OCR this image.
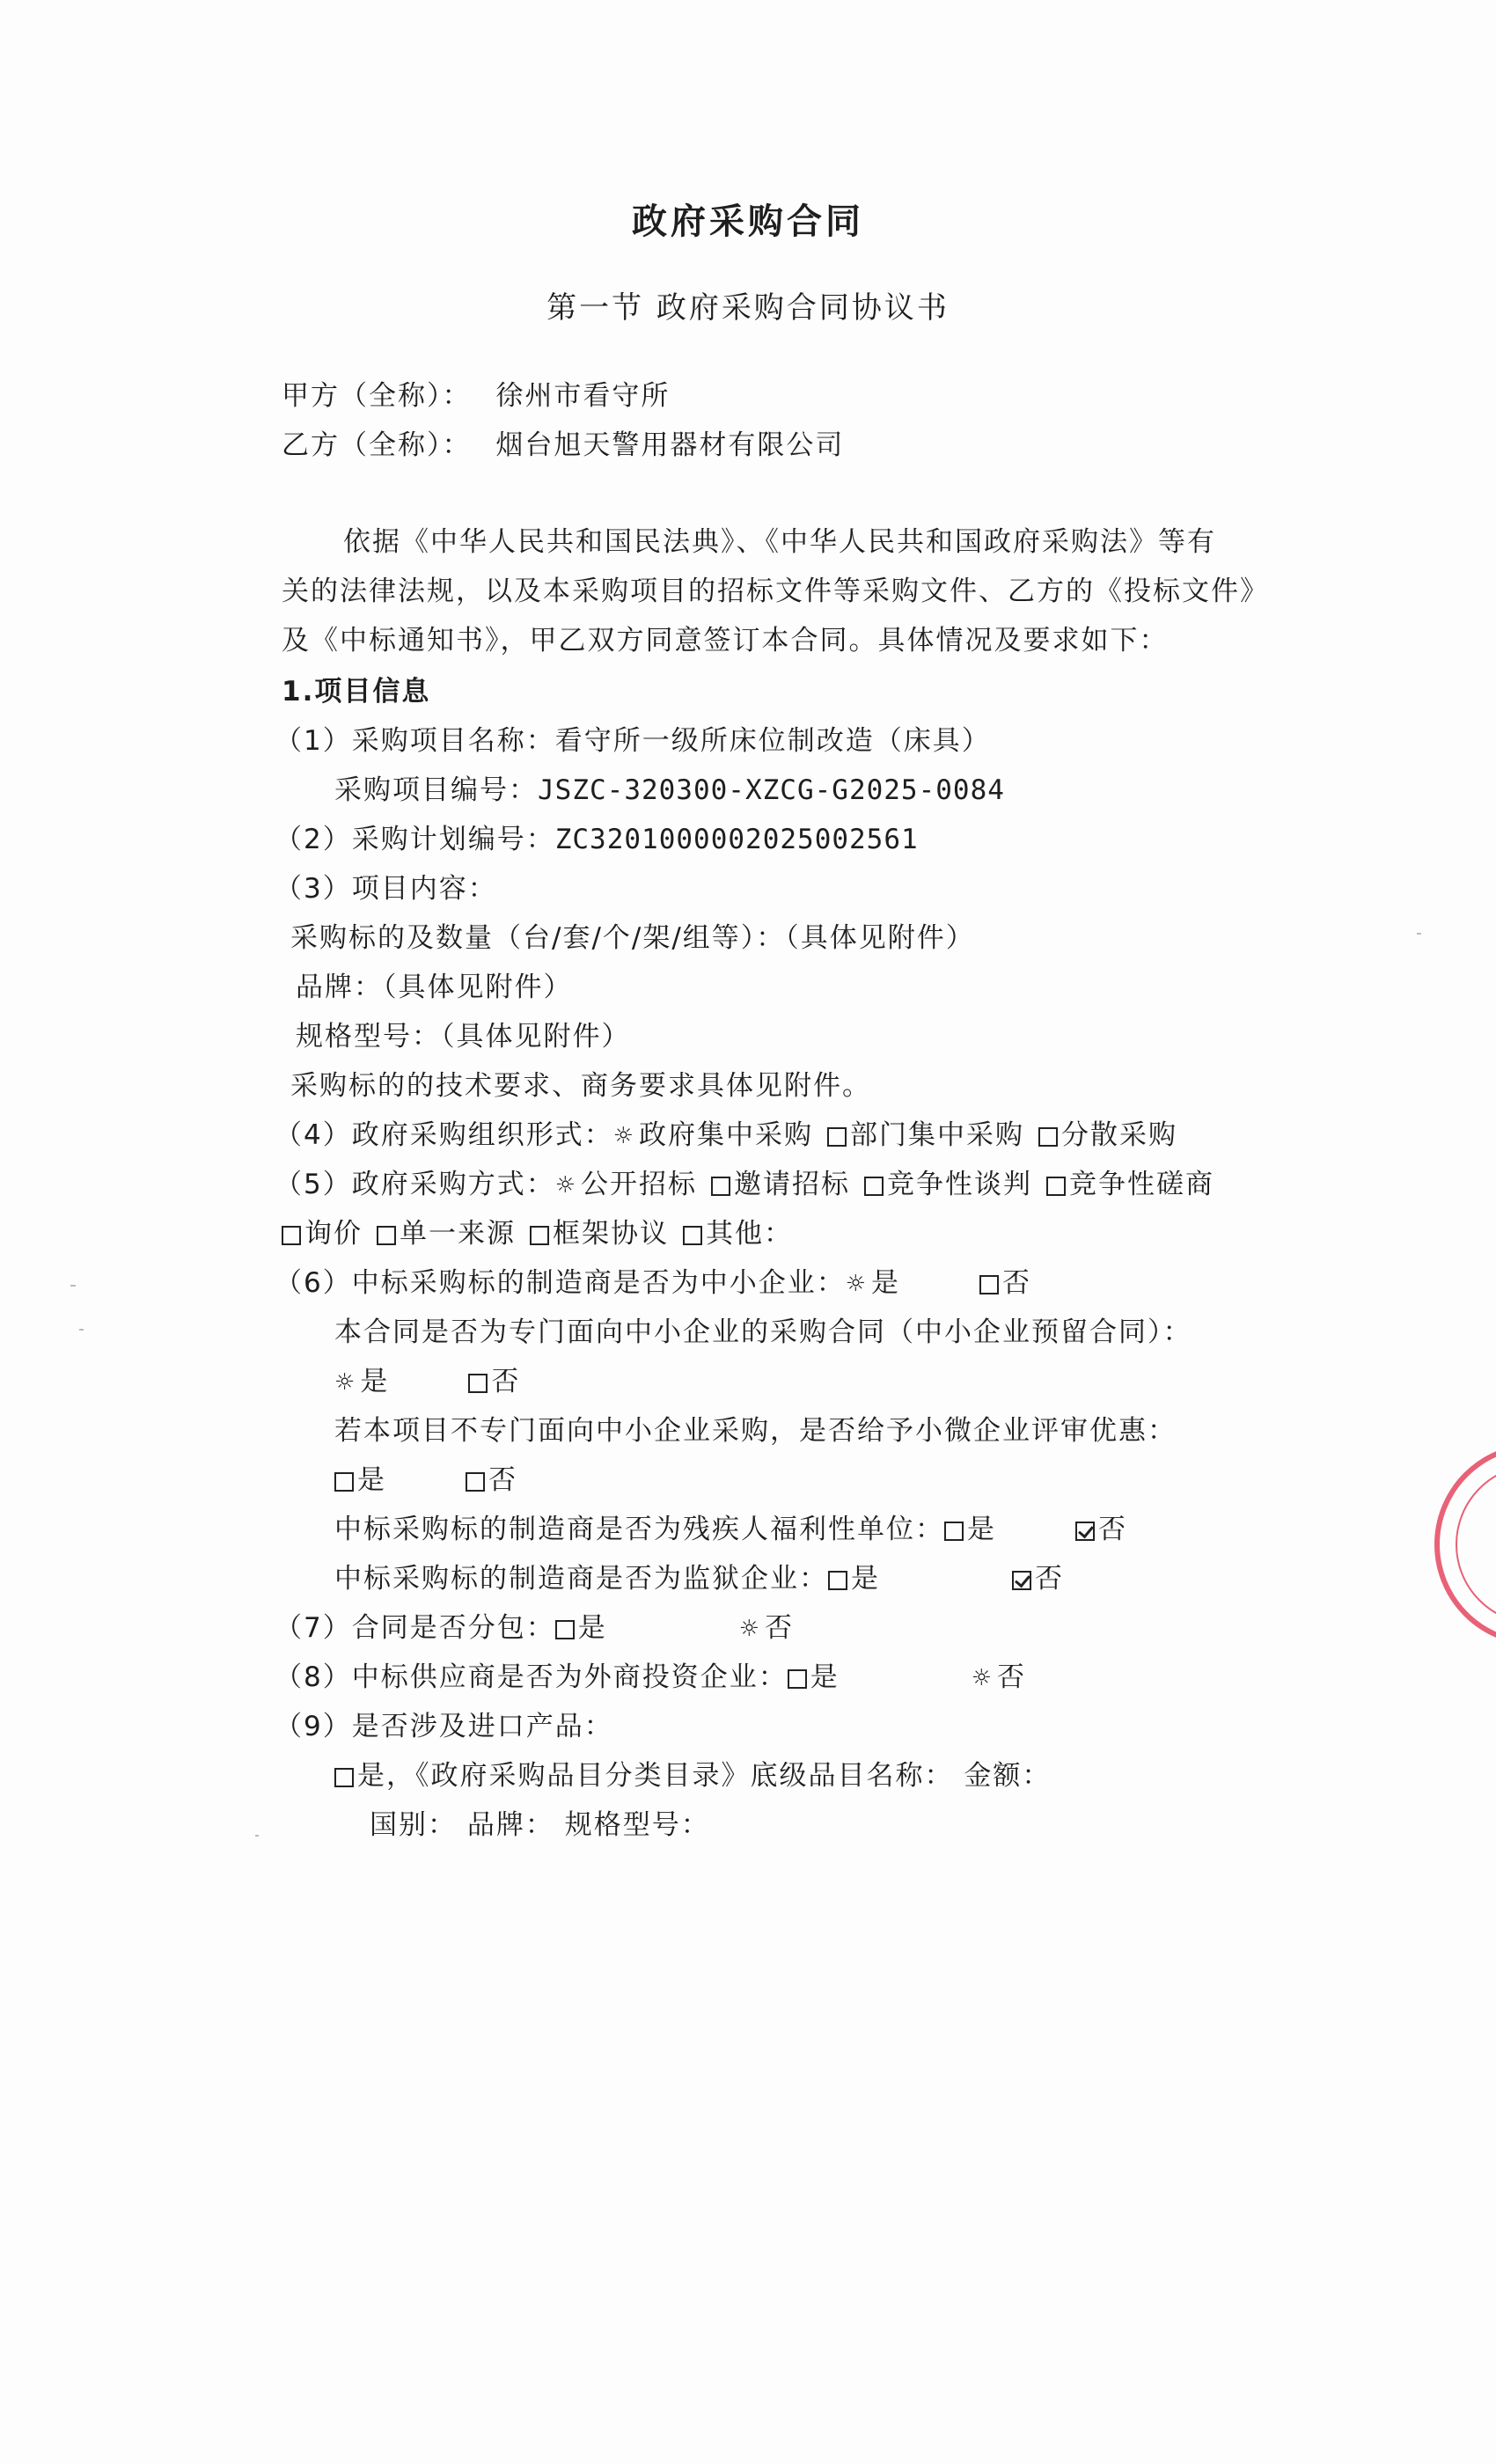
政府采购合同
第一节 政府采购合同协议书
甲方（全称）： 徐州市看守所
乙方（全称）： 烟台旭天警用器材有限公司
依据《中华人民共和国民法典》、《中华人民共和国政府采购法》等有
关的法律法规，以及本采购项目的招标文件等采购文件、乙方的《投标文件》
及《中标通知书》，甲乙双方同意签订本合同。具体情况及要求如下：
1.项目信息
（1）采购项目名称：看守所一级所床位制改造（床具）
采购项目编号：JSZC-320300-XZCG-G2025-0084
（2）采购计划编号：ZC3201000002025002561
（3）项目内容：
采购标的及数量（台/套/个/架/组等）：（具体见附件）
品牌：（具体见附件）
规格型号：（具体见附件）
采购标的的技术要求、商务要求具体见附件。
（4）政府采购组织形式：☼ 政府集中采购 部门集中采购 分散采购
（5）政府采购方式：☼ 公开招标 邀请招标 竞争性谈判 竞争性磋商
询价 单一来源 框架协议 其他：
（6）中标采购标的制造商是否为中小企业：☼ 是	否
本合同是否为专门面向中小企业的采购合同（中小企业预留合同）：
☼ 是	否
若本项目不专门面向中小企业采购，是否给予小微企业评审优惠：
是	否
中标采购标的制造商是否为残疾人福利性单位： 是	否
中标采购标的制造商是否为监狱企业： 是	否
（7）合同是否分包： 是	☼ 否
（8）中标供应商是否为外商投资企业： 是	☼ 否
（9）是否涉及进口产品：
是，《政府采购品目分类目录》底级品目名称： 金额：
国别： 品牌： 规格型号：
